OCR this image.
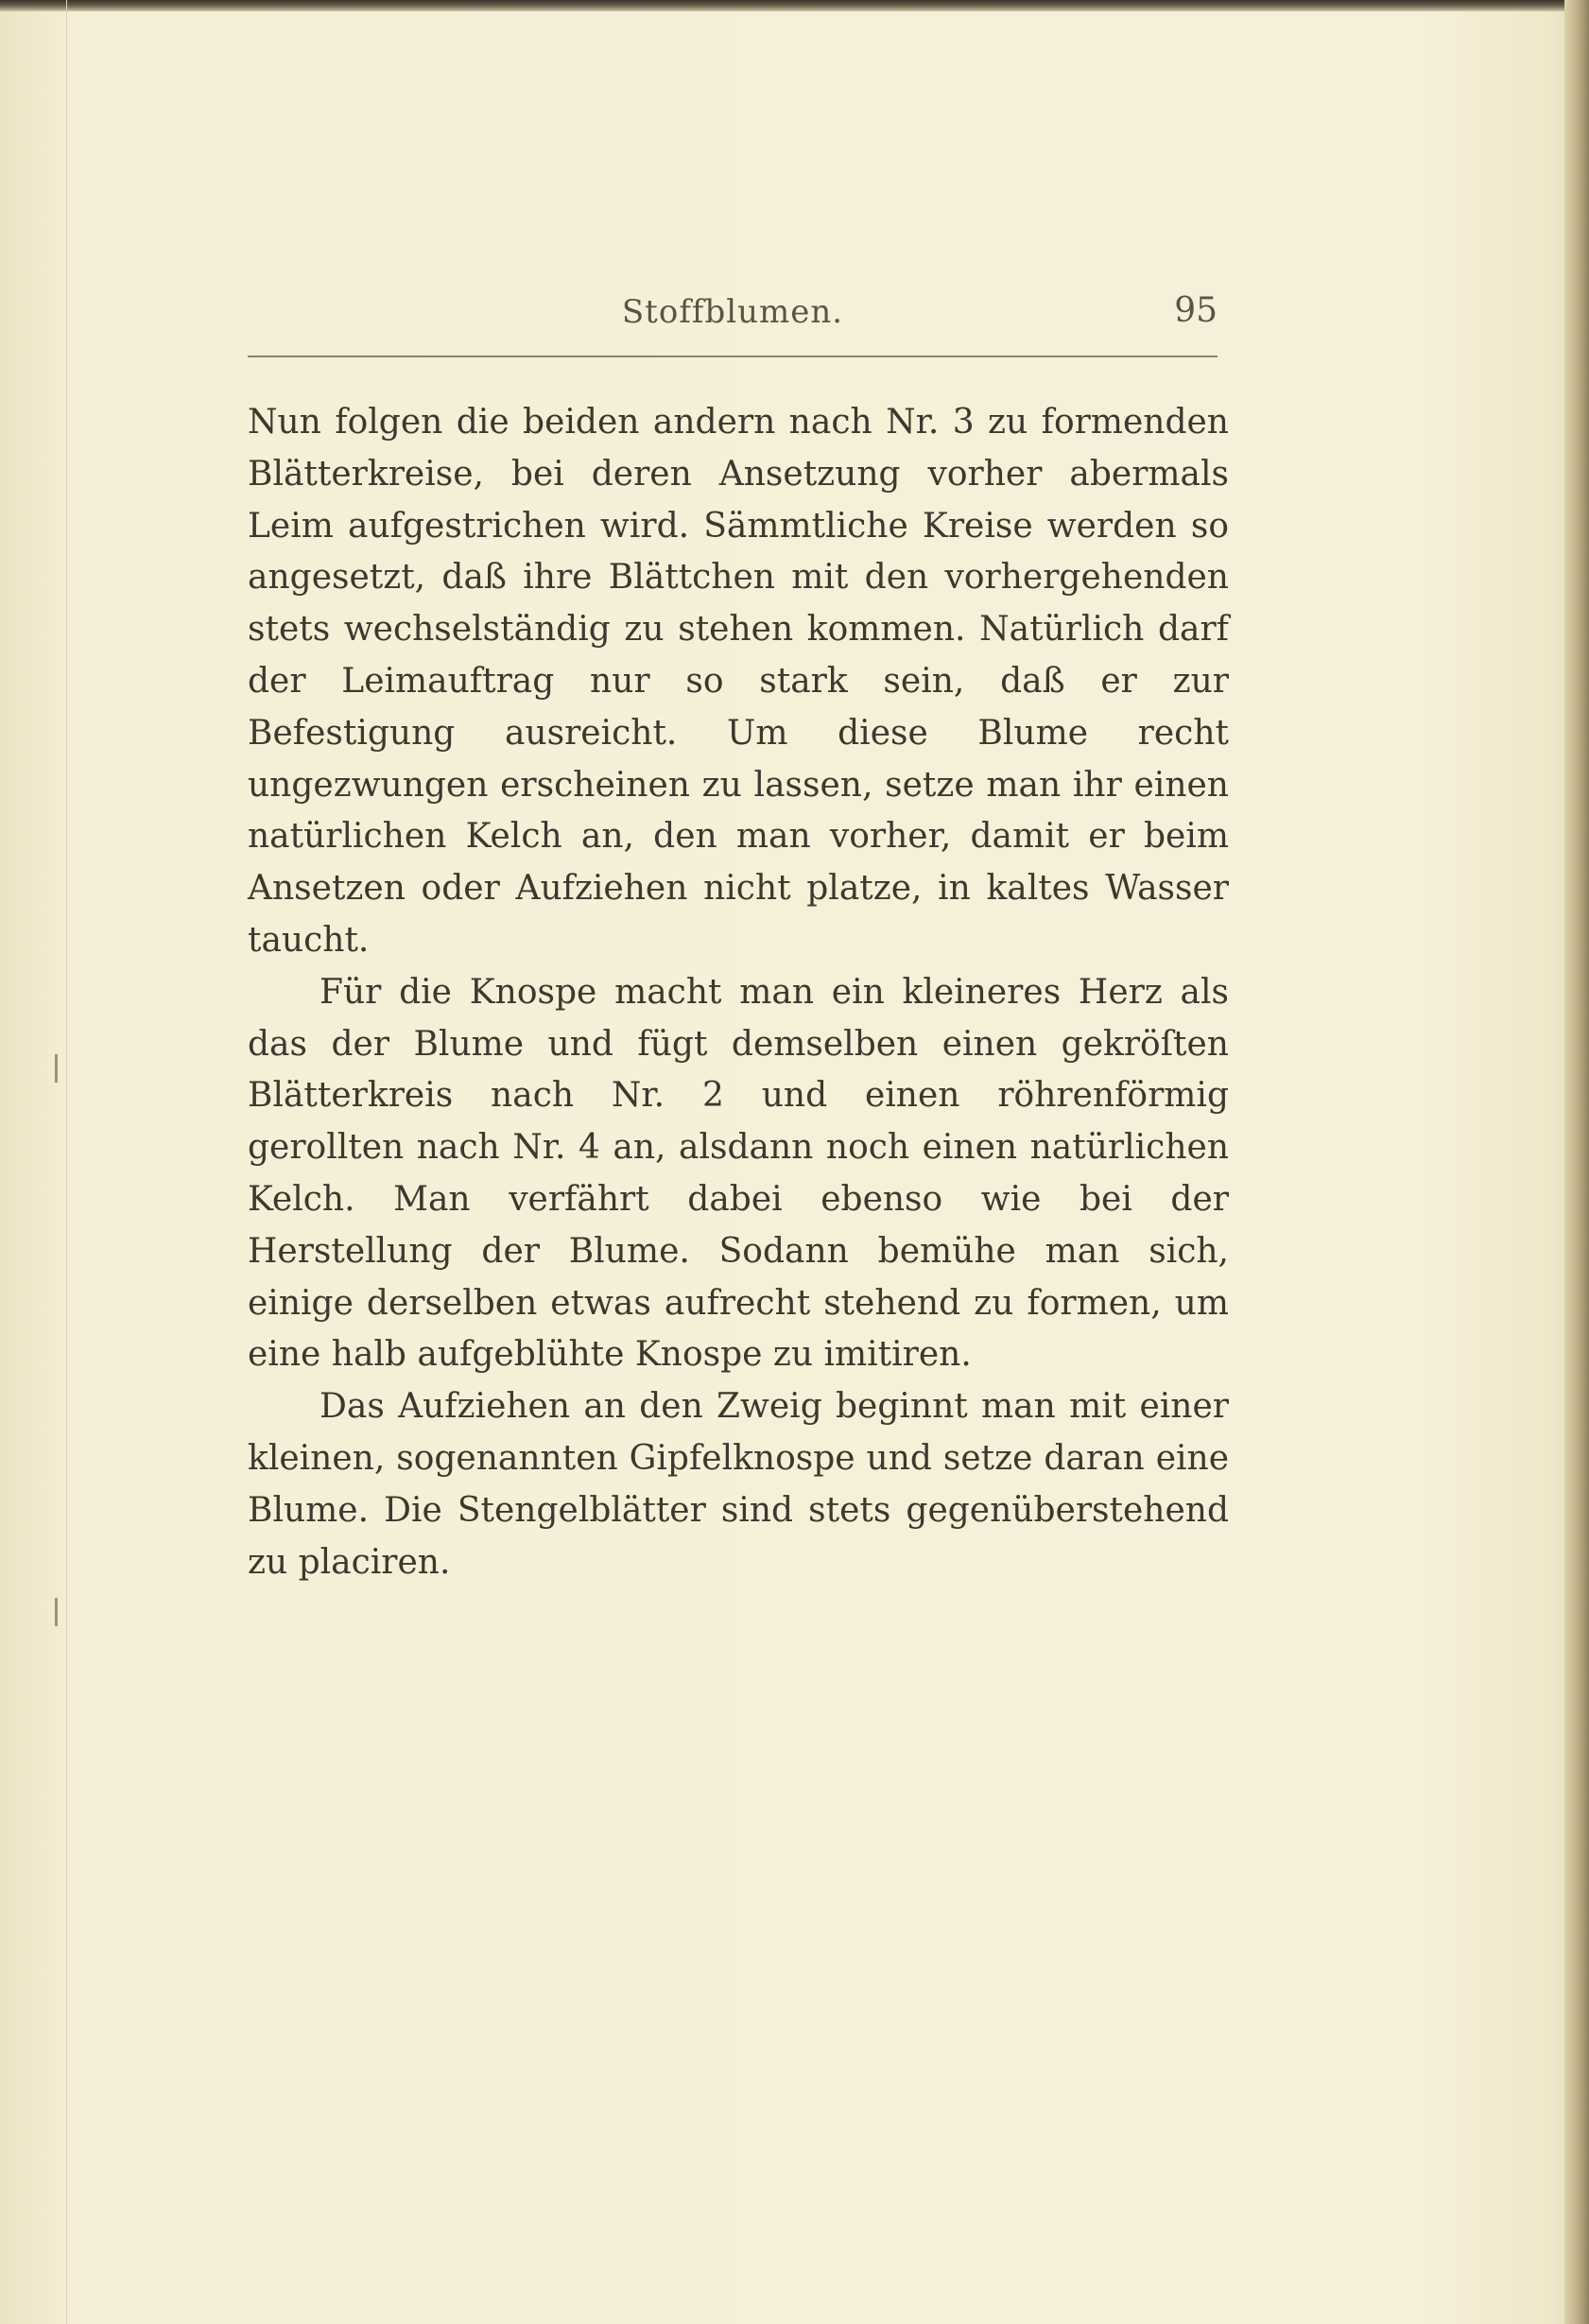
Stoffblumen.	95

Nun folgen die beiden andern nach Nr. 3 zu formenden Blätterkreise, bei deren Ansetzung vorher abermals Leim aufgestrichen wird. Sämmtliche Kreise werden so angesetzt, daß ihre Blättchen mit den vorhergehenden stets wechselständig zu stehen kommen. Natürlich darf der Leimauftrag nur so stark sein, daß er zur Befestigung ausreicht. Um diese Blume recht ungezwungen erscheinen zu lassen, setze man ihr einen natürlichen Kelch an, den man vorher, damit er beim Ansetzen oder Aufziehen nicht platze, in kaltes Wasser taucht.

Für die Knospe macht man ein kleineres Herz als das der Blume und fügt demselben einen gekröſten Blätterkreis nach Nr. 2 und einen röhrenförmig gerollten nach Nr. 4 an, alsdann noch einen natürlichen Kelch. Man verfährt dabei ebenso wie bei der Herstellung der Blume. Sodann bemühe man sich, einige derselben etwas aufrecht stehend zu formen, um eine halb aufgeblühte Knospe zu imitiren.

Das Aufziehen an den Zweig beginnt man mit einer kleinen, sogenannten Gipfelknospe und setze daran eine Blume. Die Stengelblätter sind stets gegenüberstehend zu placiren.
